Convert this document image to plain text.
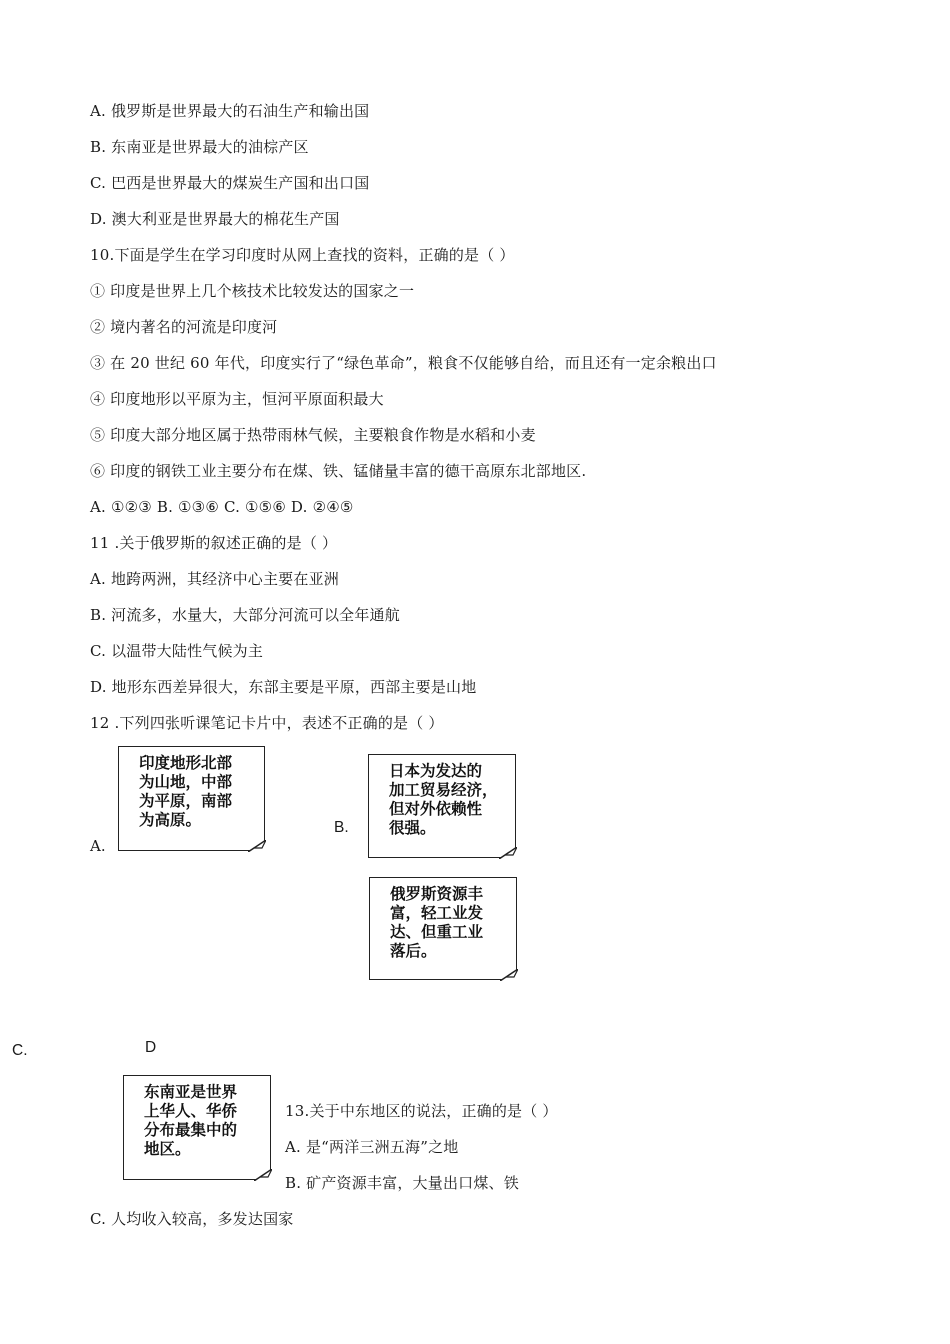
A. 俄罗斯是世界最大的石油生产和输出国
B. 东南亚是世界最大的油棕产区
C. 巴西是世界最大的煤炭生产国和出口国
D. 澳大利亚是世界最大的棉花生产国
10.下面是学生在学习印度时从网上查找的资料，正确的是（ ）
① 印度是世界上几个核技术比较发达的国家之一
② 境内著名的河流是印度河
③ 在 20 世纪 60 年代，印度实行了“绿色革命”，粮食不仅能够自给，而且还有一定余粮出口
④ 印度地形以平原为主，恒河平原面积最大
⑤ 印度大部分地区属于热带雨林气候，主要粮食作物是水稻和小麦
⑥ 印度的钢铁工业主要分布在煤、铁、锰储量丰富的德干高原东北部地区.
A. ①②③ B. ①③⑥ C. ①⑤⑥ D. ②④⑤
11 .关于俄罗斯的叙述正确的是（ ）
A. 地跨两洲，其经济中心主要在亚洲
B. 河流多，水量大，大部分河流可以全年通航
C. 以温带大陆性气候为主
D. 地形东西差异很大，东部主要是平原，西部主要是山地
12 .下列四张听课笔记卡片中，表述不正确的是（ ）
A.
印度地形北部
为山地，中部
为平原，南部
为高原。	B.
日本为发达的
加工贸易经济，
但对外依赖性
很强。
俄罗斯资源丰
富，轻工业发
达、但重工业
落后。
C.	D
东南亚是世界
上华人、华侨
分布最集中的
地区。
13.关于中东地区的说法，正确的是（ ）
A. 是“两洋三洲五海”之地
B. 矿产资源丰富，大量出口煤、铁
C. 人均收入较高，多发达国家
